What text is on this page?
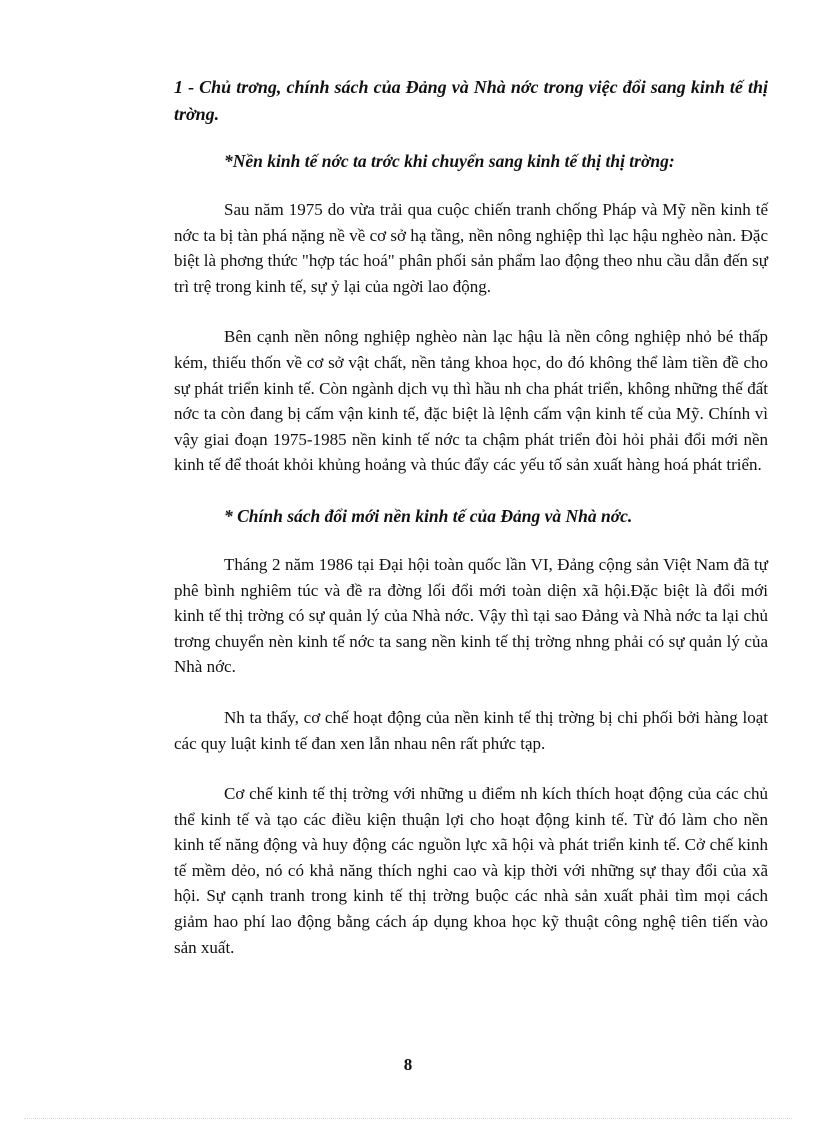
1 - Chủ trơng, chính sách của Đảng và Nhà nớc trong việc đổi sang kinh tế thị trờng.

*Nền kinh tế nớc ta trớc khi chuyển sang kinh tế thị thị trờng:

Sau năm 1975 do vừa trải qua cuộc chiến tranh chống Pháp và Mỹ nền kinh tế nớc ta bị tàn phá nặng nề về cơ sở hạ tầng, nền nông nghiệp thì lạc hậu nghèo nàn. Đặc biệt là phơng thức "hợp tác hoá" phân phối sản phẩm lao động theo nhu cầu dẫn đến sự trì trệ trong kinh tế, sự ỷ lại của ngời lao động.

Bên cạnh nền nông nghiệp nghèo nàn lạc hậu là nền công nghiệp nhỏ bé thấp kém, thiếu thốn về cơ sở vật chất, nền tảng khoa học, do đó không thể làm tiền đề cho sự phát triển kinh tế. Còn ngành dịch vụ thì hầu nh cha phát triển, không những thế đất nớc ta còn đang bị cấm vận kinh tế, đặc biệt là lệnh cấm vận kinh tế của Mỹ. Chính vì vậy giai đoạn 1975-1985 nền kinh tế nớc ta chậm phát triển đòi hỏi phải đổi mới nền kinh tế để thoát khỏi khủng hoảng và thúc đẩy các yếu tố sản xuất hàng hoá phát triển.

* Chính sách đổi mới nền kinh tế của Đảng và Nhà nớc.

Tháng 2 năm 1986 tại Đại hội toàn quốc lần VI, Đảng cộng sản Việt Nam đã tự phê bình nghiêm túc và đề ra đờng lối đổi mới toàn diện xã hội.Đặc biệt là đổi mới kinh tế thị trờng có sự quản lý của Nhà nớc. Vậy thì tại sao Đảng và Nhà nớc ta lại chủ trơng chuyển nèn kinh tế nớc ta sang nền kinh tế thị trờng nhng phải có sự quản lý của Nhà nớc.

Nh ta thấy, cơ chế hoạt động của nền kinh tế thị trờng bị chi phối bởi hàng loạt các quy luật kinh tế đan xen lẫn nhau nên rất phức tạp.

Cơ chế kinh tế thị trờng với những u điểm nh kích thích hoạt động của các chủ thể kinh tế và tạo các điều kiện thuận lợi cho hoạt động kinh tế. Từ đó làm cho nền kinh tế năng động và huy động các nguồn lực xã hội và phát triển kinh tế. Cở chế kinh tế mềm dẻo, nó có khả năng thích nghi cao và kịp thời với những sự thay đổi của xã hội. Sự cạnh tranh trong kinh tế thị trờng buộc các nhà sản xuất phải tìm mọi cách giảm hao phí lao động bằng cách áp dụng khoa học kỹ thuật công nghệ tiên tiến vào sản xuất.

8
